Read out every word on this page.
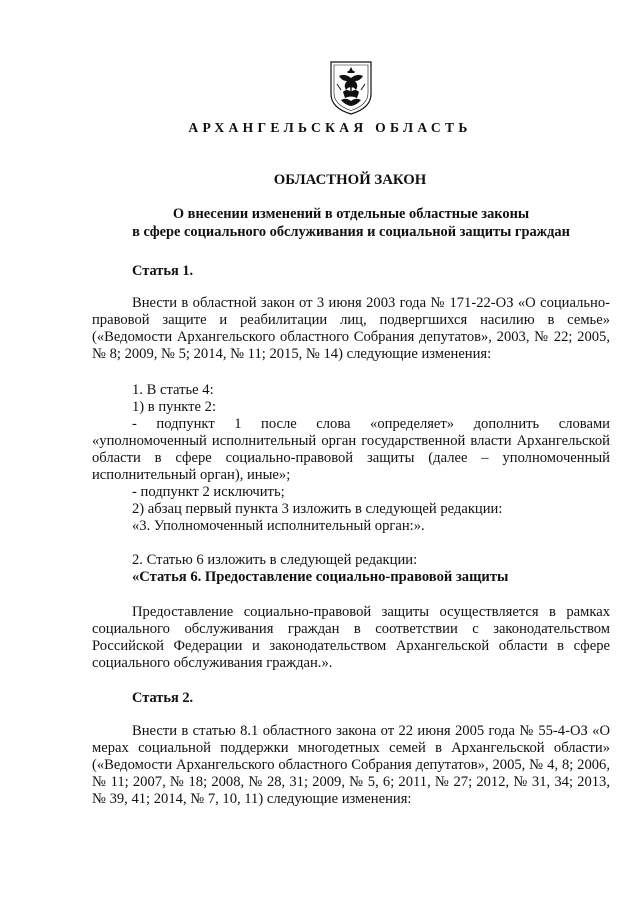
АРХАНГЕЛЬСКАЯ ОБЛАСТЬ

ОБЛАСТНОЙ ЗАКОН

О внесении изменений в отдельные областные законы
в сфере социального обслуживания и социальной защиты граждан
Статья 1.

Внести в областной закон от 3 июня 2003 года № 171-22-ОЗ «О социально-правовой защите и реабилитации лиц, подвергшихся насилию в семье» («Ведомости Архангельского областного Собрания депутатов», 2003, № 22; 2005, № 8; 2009, № 5; 2014, № 11; 2015, № 14) следующие изменения:

1. В статье 4:

1) в пункте 2:

- подпункт 1 после слова «определяет» дополнить словами «уполномоченный исполнительный орган государственной власти Архангельской области в сфере социально-правовой защиты (далее – уполномоченный исполнительный орган), иные»;

- подпункт 2 исключить;

2) абзац первый пункта 3 изложить в следующей редакции:

«3. Уполномоченный исполнительный орган:».

2. Статью 6 изложить в следующей редакции:

«Статья 6. Предоставление социально-правовой защиты

Предоставление социально-правовой защиты осуществляется в рамках социального обслуживания граждан в соответствии с законодательством Российской Федерации и законодательством Архангельской области в сфере социального обслуживания граждан.».

Статья 2.

Внести в статью 8.1 областного закона от 22 июня 2005 года № 55-4-ОЗ «О мерах социальной поддержки многодетных семей в Архангельской области» («Ведомости Архангельского областного Собрания депутатов», 2005, № 4, 8; 2006, № 11; 2007, № 18; 2008, № 28, 31; 2009, № 5, 6; 2011, № 27; 2012, № 31, 34; 2013, № 39, 41; 2014, № 7, 10, 11) следующие изменения:
